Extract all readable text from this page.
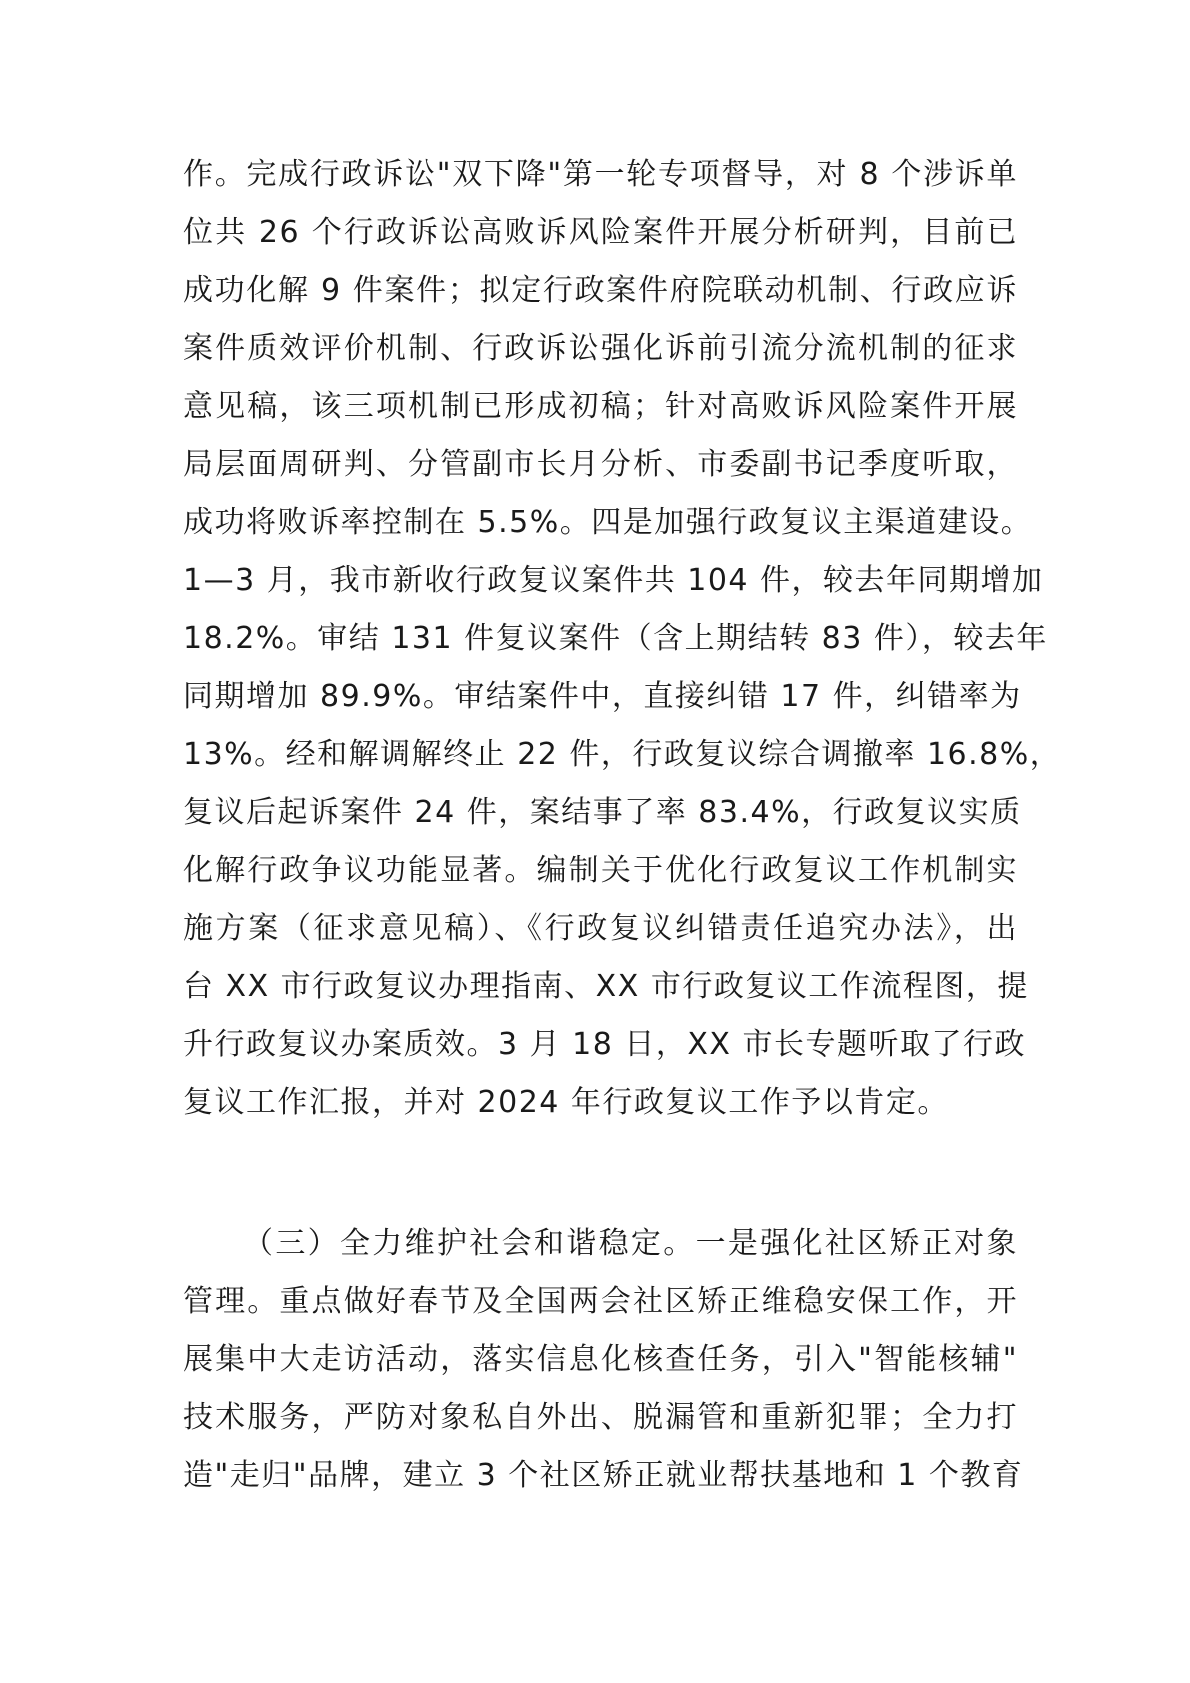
作。完成行政诉讼"双下降"第一轮专项督导，对 8 个涉诉单
位共 26 个行政诉讼高败诉风险案件开展分析研判，目前已
成功化解 9 件案件；拟定行政案件府院联动机制、行政应诉
案件质效评价机制、行政诉讼强化诉前引流分流机制的征求
意见稿，该三项机制已形成初稿；针对高败诉风险案件开展
局层面周研判、分管副市长月分析、市委副书记季度听取，
成功将败诉率控制在 5.5%。四是加强行政复议主渠道建设。
1—3 月，我市新收行政复议案件共 104 件，较去年同期增加
18.2%。审结 131 件复议案件（含上期结转 83 件），较去年
同期增加 89.9%。审结案件中，直接纠错 17 件，纠错率为
13%。经和解调解终止 22 件，行政复议综合调撤率 16.8%，
复议后起诉案件 24 件，案结事了率 83.4%，行政复议实质
化解行政争议功能显著。编制关于优化行政复议工作机制实
施方案（征求意见稿）、《行政复议纠错责任追究办法》，出
台 XX 市行政复议办理指南、XX 市行政复议工作流程图，提
升行政复议办案质效。3 月 18 日，XX 市长专题听取了行政
复议工作汇报，并对 2024 年行政复议工作予以肯定。
（三）全力维护社会和谐稳定。一是强化社区矫正对象
管理。重点做好春节及全国两会社区矫正维稳安保工作，开
展集中大走访活动，落实信息化核查任务，引入"智能核辅"
技术服务，严防对象私自外出、脱漏管和重新犯罪；全力打
造"走归"品牌，建立 3 个社区矫正就业帮扶基地和 1 个教育
